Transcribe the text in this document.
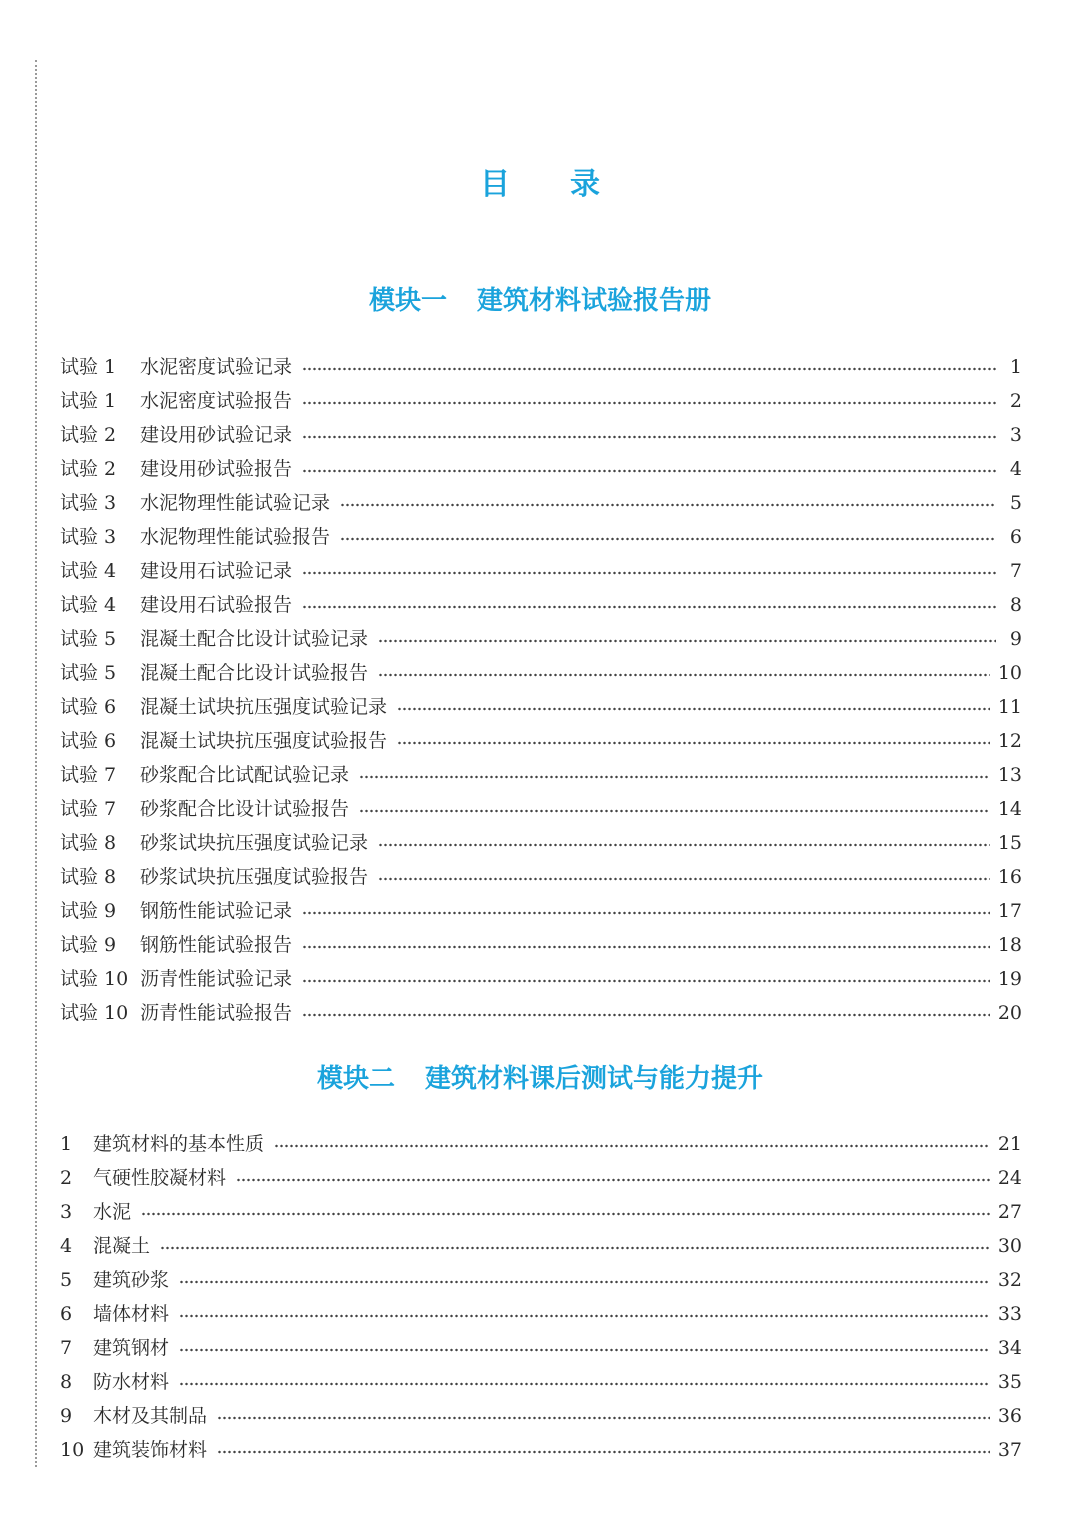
目录
模块一 建筑材料试验报告册
试验 1	水泥密度试验记录	1
试验 1	水泥密度试验报告	2
试验 2	建设用砂试验记录	3
试验 2	建设用砂试验报告	4
试验 3	水泥物理性能试验记录	5
试验 3	水泥物理性能试验报告	6
试验 4	建设用石试验记录	7
试验 4	建设用石试验报告	8
试验 5	混凝土配合比设计试验记录	9
试验 5	混凝土配合比设计试验报告	10
试验 6	混凝土试块抗压强度试验记录	11
试验 6	混凝土试块抗压强度试验报告	12
试验 7	砂浆配合比试配试验记录	13
试验 7	砂浆配合比设计试验报告	14
试验 8	砂浆试块抗压强度试验记录	15
试验 8	砂浆试块抗压强度试验报告	16
试验 9	钢筋性能试验记录	17
试验 9	钢筋性能试验报告	18
试验 10 沥青性能试验记录	19
试验 10 沥青性能试验报告	20
模块二 建筑材料课后测试与能力提升
1	建筑材料的基本性质	21
2	气硬性胶凝材料	24
3	水泥	27
4	混凝土	30
5	建筑砂浆	32
6	墙体材料	33
7	建筑钢材	34
8	防水材料	35
9	木材及其制品	36
10 建筑装饰材料	37
